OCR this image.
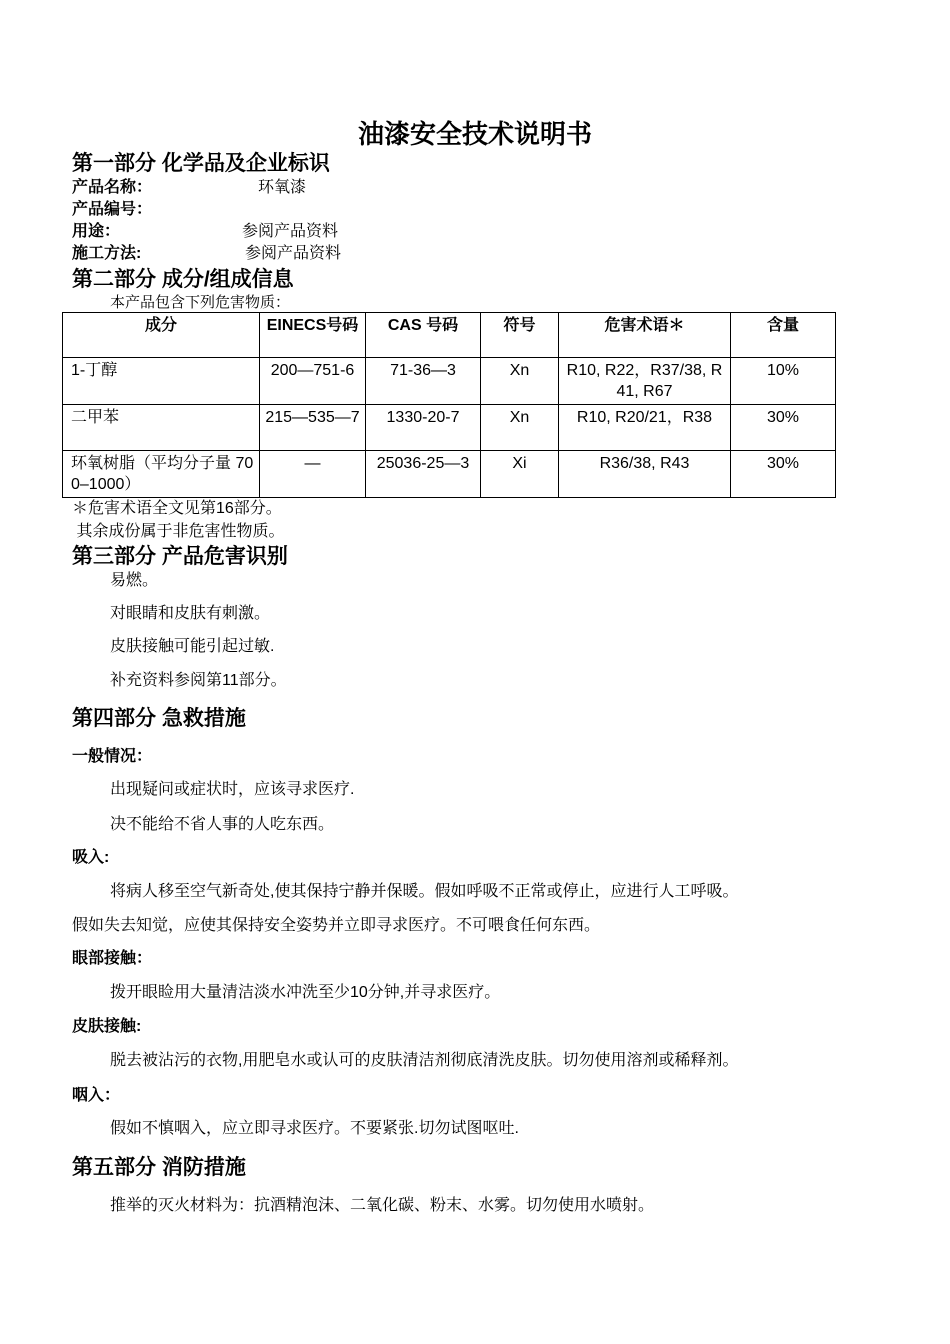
油漆安全技术说明书
第一部分 化学品及企业标识
产品名称：	环氧漆
产品编号：
用途：	参阅产品资料
施工方法:	参阅产品资料
第二部分 成分/组成信息
本产品包含下列危害物质：
成分	EINECS号码	CAS 号码	符号	危害术语＊	含量
1-丁醇	200—751-6	71-36—3	Xn	R10, R22，R37/38, R41, R67	10%
二甲苯	215—535—7	1330-20-7	Xn	R10, R20/21，R38	30%
环氧树脂（平均分子量 700–1000）	—	25036-25—3	Xi	R36/38, R43	30%
＊危害术语全文见第16部分。
其余成份属于非危害性物质。
第三部分 产品危害识别
易燃。
对眼睛和皮肤有刺激。
皮肤接触可能引起过敏.
补充资料参阅第11部分。
第四部分 急救措施
一般情况：
出现疑问或症状时，应该寻求医疗.
决不能给不省人事的人吃东西。
吸入:
将病人移至空气新奇处,使其保持宁静并保暖。假如呼吸不正常或停止，应进行人工呼吸。
假如失去知觉，应使其保持安全姿势并立即寻求医疗。不可喂食任何东西。
眼部接触：
拨开眼睑用大量清洁淡水冲洗至少10分钟,并寻求医疗。
皮肤接触:
脱去被沾污的衣物,用肥皂水或认可的皮肤清洁剂彻底清洗皮肤。切勿使用溶剂或稀释剂。
咽入：
假如不慎咽入，应立即寻求医疗。不要紧张.切勿试图呕吐.
第五部分 消防措施
推举的灭火材料为：抗酒精泡沫、二氧化碳、粉末、水雾。切勿使用水喷射。
